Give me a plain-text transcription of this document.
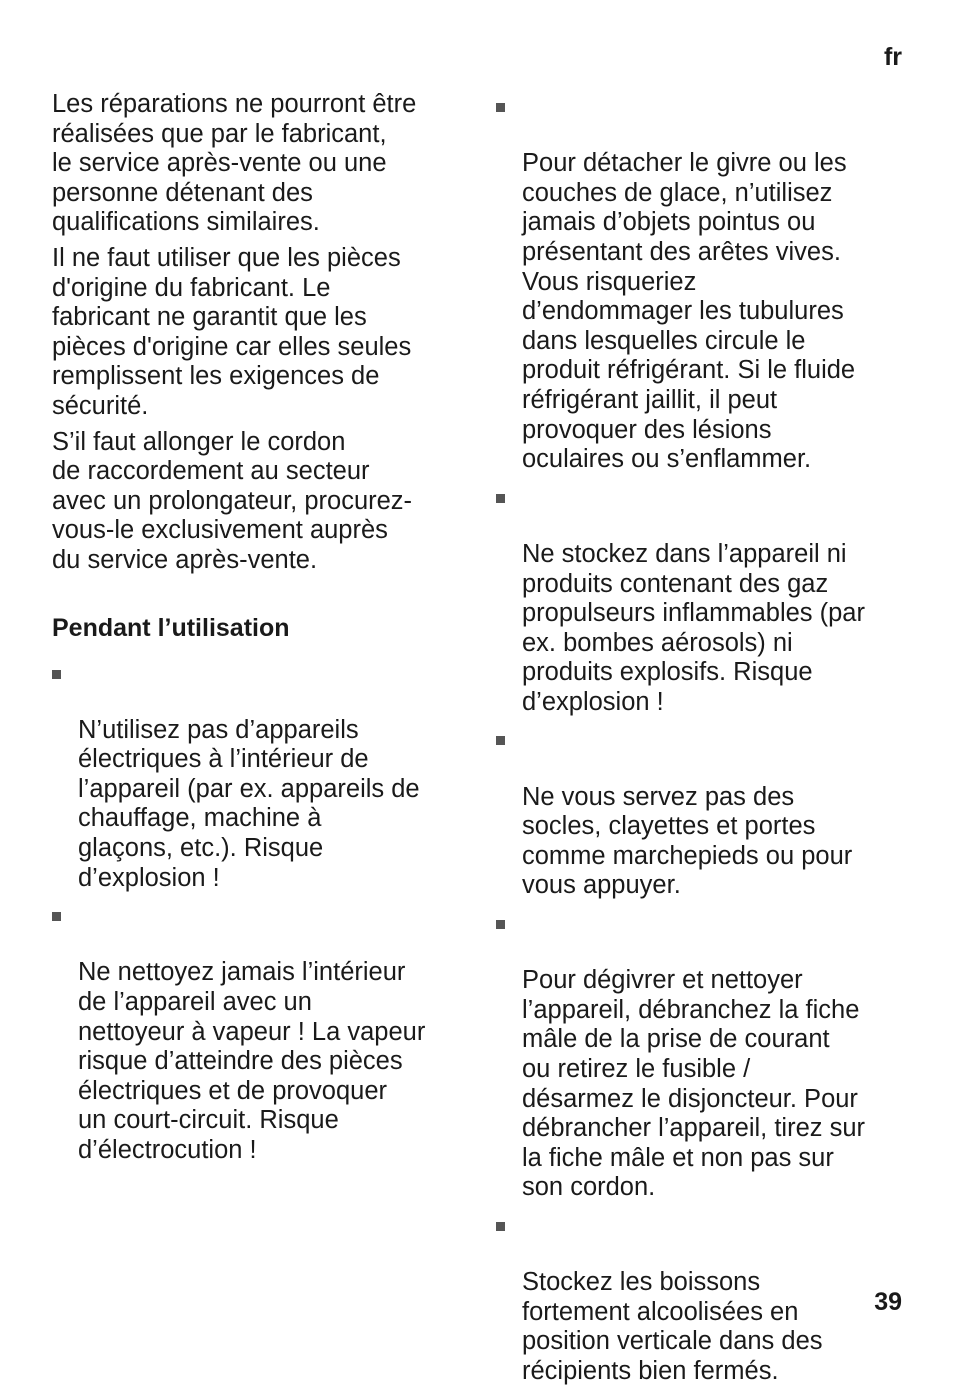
fr

Les réparations ne pourront être
réalisées que par le fabricant,
le service après-vente ou une
personne détenant des
qualifications similaires.

Il ne faut utiliser que les pièces
d'origine du fabricant. Le
fabricant ne garantit que les
pièces d'origine car elles seules
remplissent les exigences de
sécurité.

S’il faut allonger le cordon
de raccordement au secteur
avec un prolongateur, procurez-
vous-le exclusivement auprès
du service après-vente.

Pendant l’utilisation

N’utilisez pas d’appareils
électriques à l’intérieur de
l’appareil (par ex. appareils de
chauffage, machine à
glaçons, etc.). Risque
d’explosion !

Ne nettoyez jamais l’intérieur
de l’appareil avec un
nettoyeur à vapeur ! La vapeur
risque d’atteindre des pièces
électriques et de provoquer
un court-circuit. Risque
d’électrocution !

Pour détacher le givre ou les
couches de glace, n’utilisez
jamais d’objets pointus ou
présentant des arêtes vives.
Vous risqueriez
d’endommager les tubulures
dans lesquelles circule le
produit réfrigérant. Si le fluide
réfrigérant jaillit, il peut
provoquer des lésions
oculaires ou s’enflammer.

Ne stockez dans l’appareil ni
produits contenant des gaz
propulseurs inflammables (par
ex. bombes aérosols) ni
produits explosifs. Risque
d’explosion !

Ne vous servez pas des
socles, clayettes et portes
comme marchepieds ou pour
vous appuyer.

Pour dégivrer et nettoyer
l’appareil, débranchez la fiche
mâle de la prise de courant
ou retirez le fusible /
désarmez le disjoncteur. Pour
débrancher l’appareil, tirez sur
la fiche mâle et non pas sur
son cordon.

Stockez les boissons
fortement alcoolisées en
position verticale dans des
récipients bien fermés.

39
